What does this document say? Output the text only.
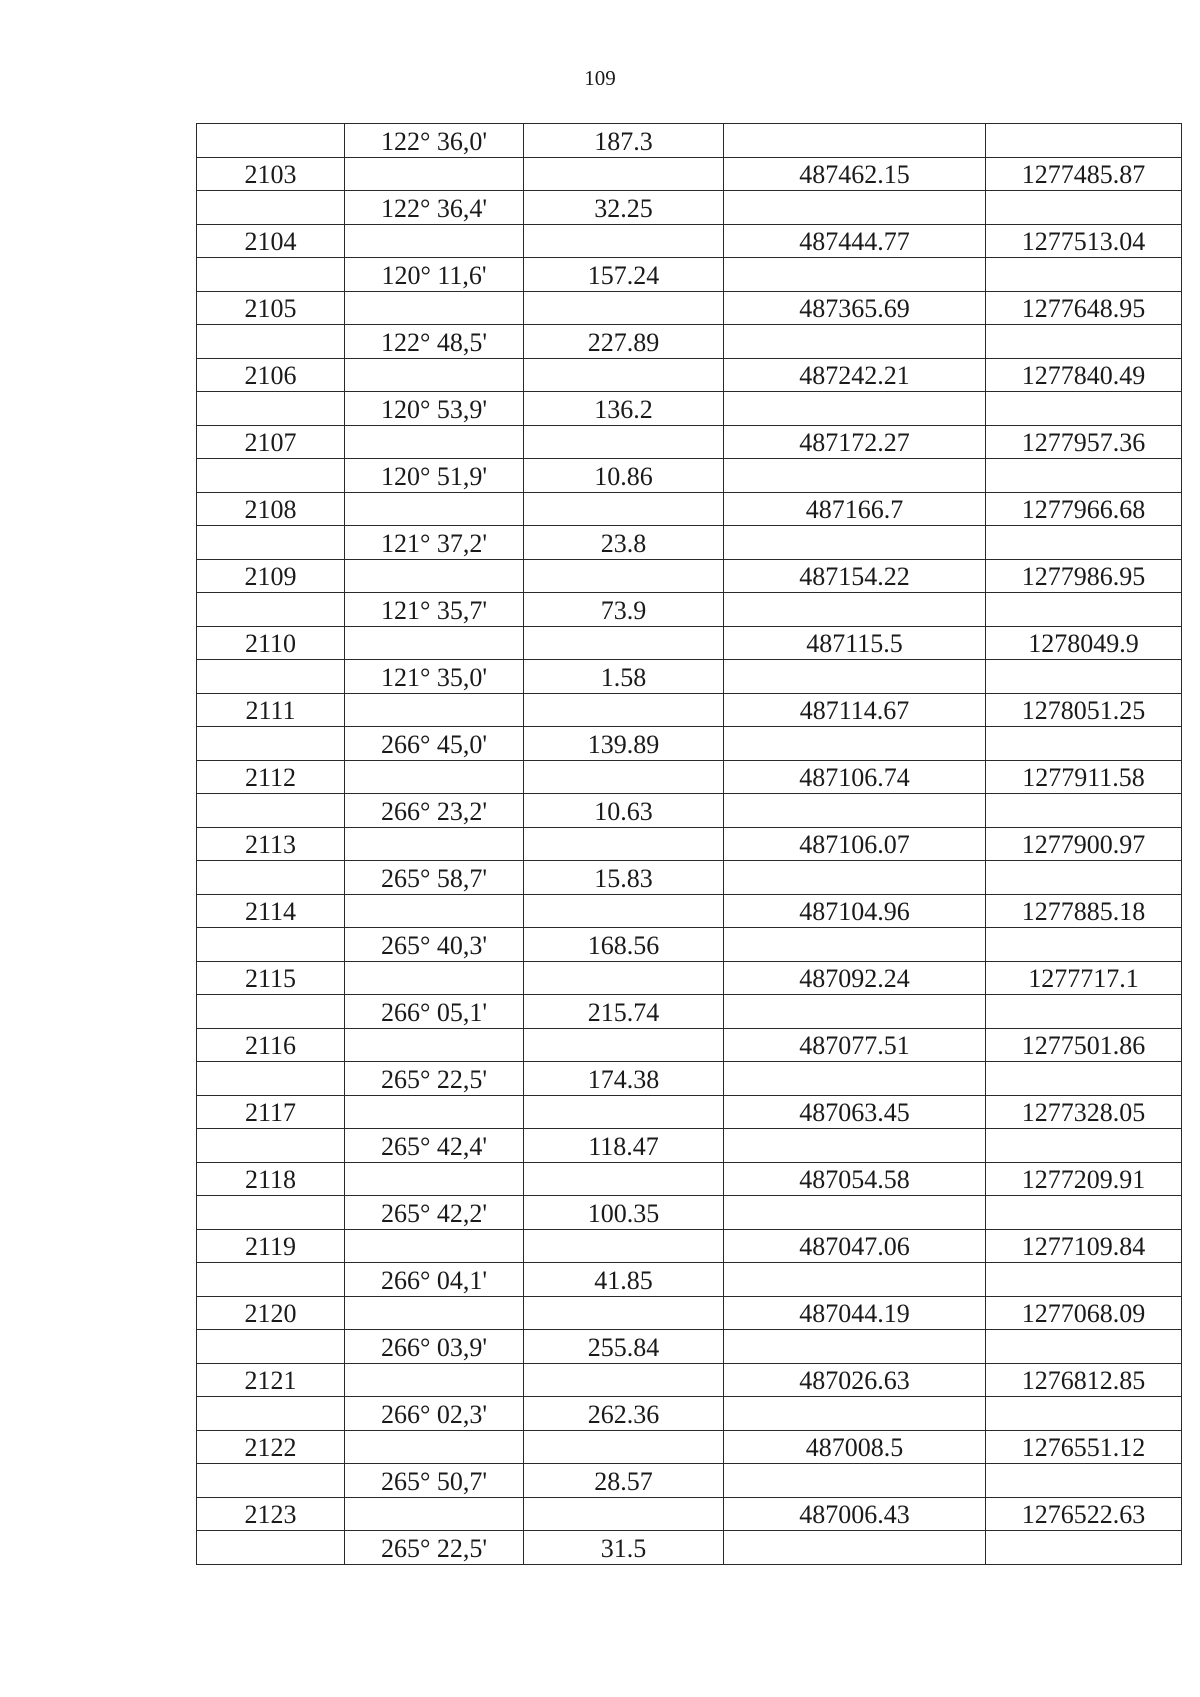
109
	122° 36,0'	187.3		
2103			487462.15	1277485.87
	122° 36,4'	32.25		
2104			487444.77	1277513.04
	120° 11,6'	157.24		
2105			487365.69	1277648.95
	122° 48,5'	227.89		
2106			487242.21	1277840.49
	120° 53,9'	136.2		
2107			487172.27	1277957.36
	120° 51,9'	10.86		
2108			487166.7	1277966.68
	121° 37,2'	23.8		
2109			487154.22	1277986.95
	121° 35,7'	73.9		
2110			487115.5	1278049.9
	121° 35,0'	1.58		
2111			487114.67	1278051.25
	266° 45,0'	139.89		
2112			487106.74	1277911.58
	266° 23,2'	10.63		
2113			487106.07	1277900.97
	265° 58,7'	15.83		
2114			487104.96	1277885.18
	265° 40,3'	168.56		
2115			487092.24	1277717.1
	266° 05,1'	215.74		
2116			487077.51	1277501.86
	265° 22,5'	174.38		
2117			487063.45	1277328.05
	265° 42,4'	118.47		
2118			487054.58	1277209.91
	265° 42,2'	100.35		
2119			487047.06	1277109.84
	266° 04,1'	41.85		
2120			487044.19	1277068.09
	266° 03,9'	255.84		
2121			487026.63	1276812.85
	266° 02,3'	262.36		
2122			487008.5	1276551.12
	265° 50,7'	28.57		
2123			487006.43	1276522.63
	265° 22,5'	31.5		
